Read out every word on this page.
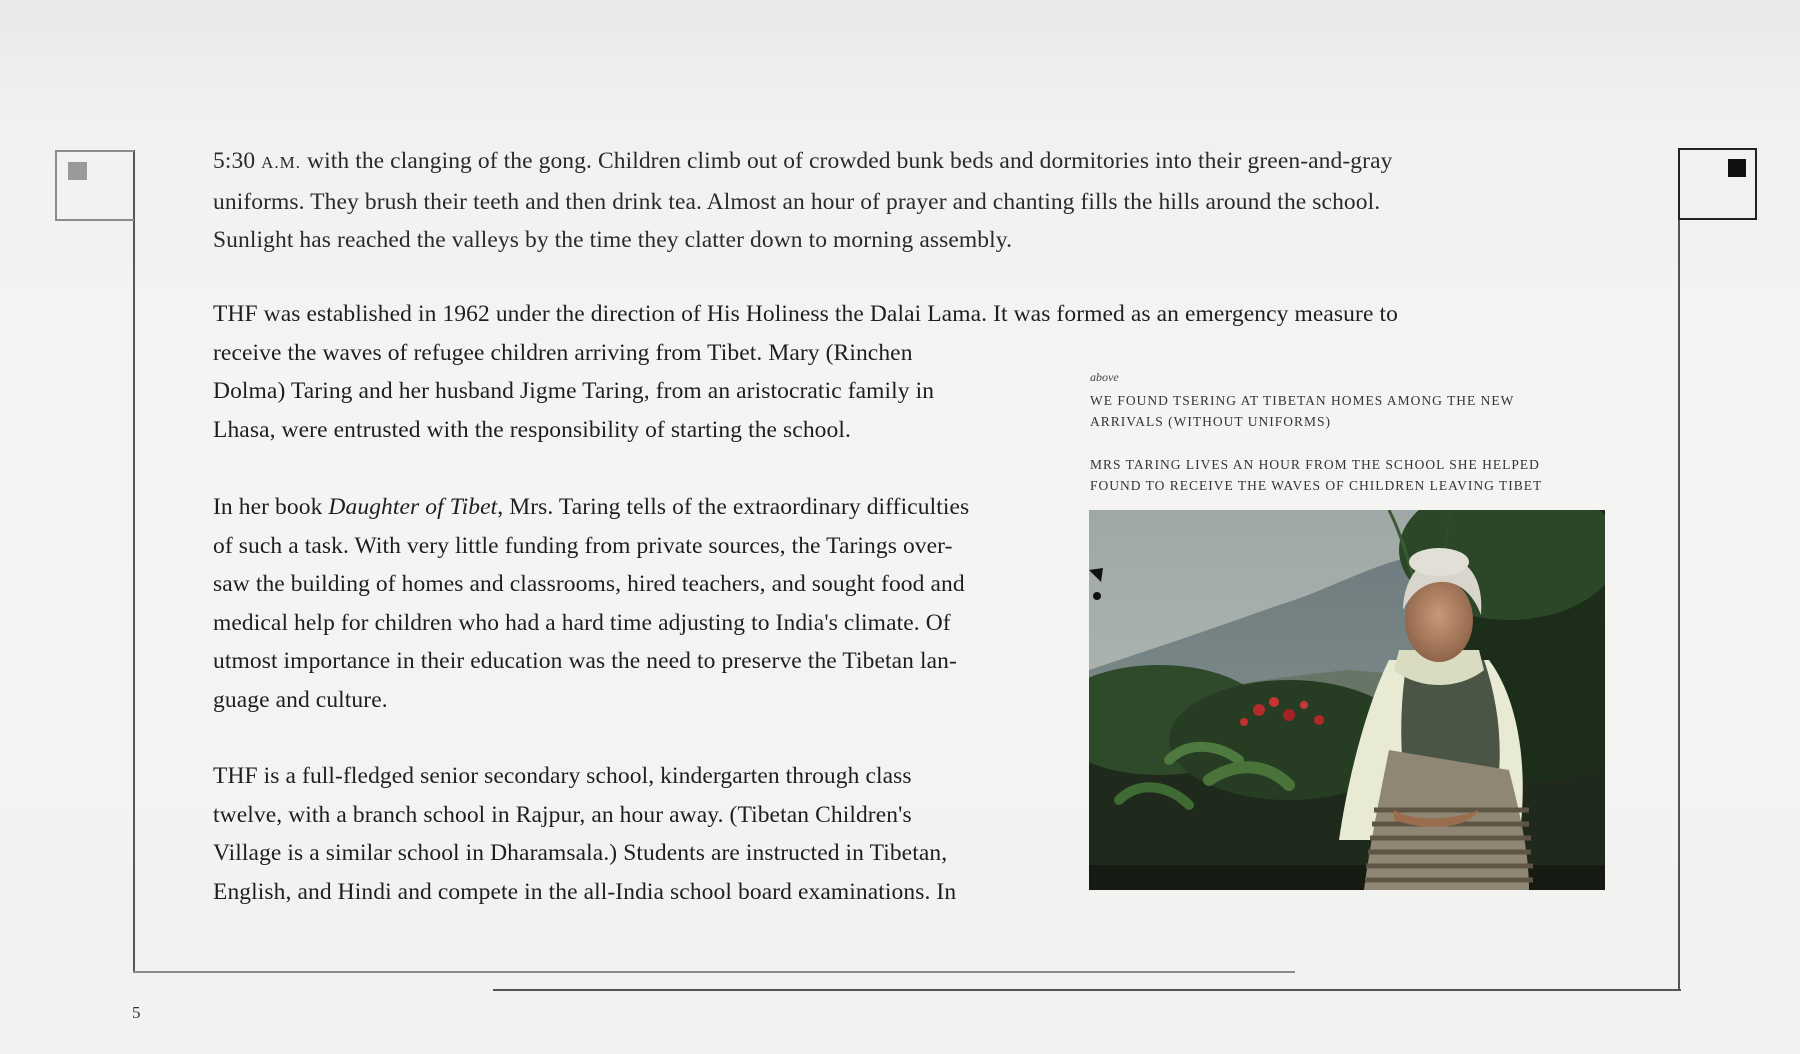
5:30 A.M. with the clanging of the gong. Children climb out of crowded bunk beds and dormitories into their green-and-gray
uniforms. They brush their teeth and then drink tea. Almost an hour of prayer and chanting fills the hills around the school.
Sunlight has reached the valleys by the time they clatter down to morning assembly.

THF was established in 1962 under the direction of His Holiness the Dalai Lama. It was formed as an emergency measure to
receive the waves of refugee children arriving from Tibet. Mary (Rinchen
Dolma) Taring and her husband Jigme Taring, from an aristocratic family in
Lhasa, were entrusted with the responsibility of starting the school.

In her book Daughter of Tibet, Mrs. Taring tells of the extraordinary difficulties
of such a task. With very little funding from private sources, the Tarings over-
saw the building of homes and classrooms, hired teachers, and sought food and
medical help for children who had a hard time adjusting to India's climate. Of
utmost importance in their education was the need to preserve the Tibetan lan-
guage and culture.

THF is a full-fledged senior secondary school, kindergarten through class
twelve, with a branch school in Rajpur, an hour away. (Tibetan Children's
Village is a similar school in Dharamsala.) Students are instructed in Tibetan,
English, and Hindi and compete in the all-India school board examinations. In

above
WE FOUND TSERING AT TIBETAN HOMES AMONG THE NEW
ARRIVALS (WITHOUT UNIFORMS)
MRS TARING LIVES AN HOUR FROM THE SCHOOL SHE HELPED
FOUND TO RECEIVE THE WAVES OF CHILDREN LEAVING TIBET
5
